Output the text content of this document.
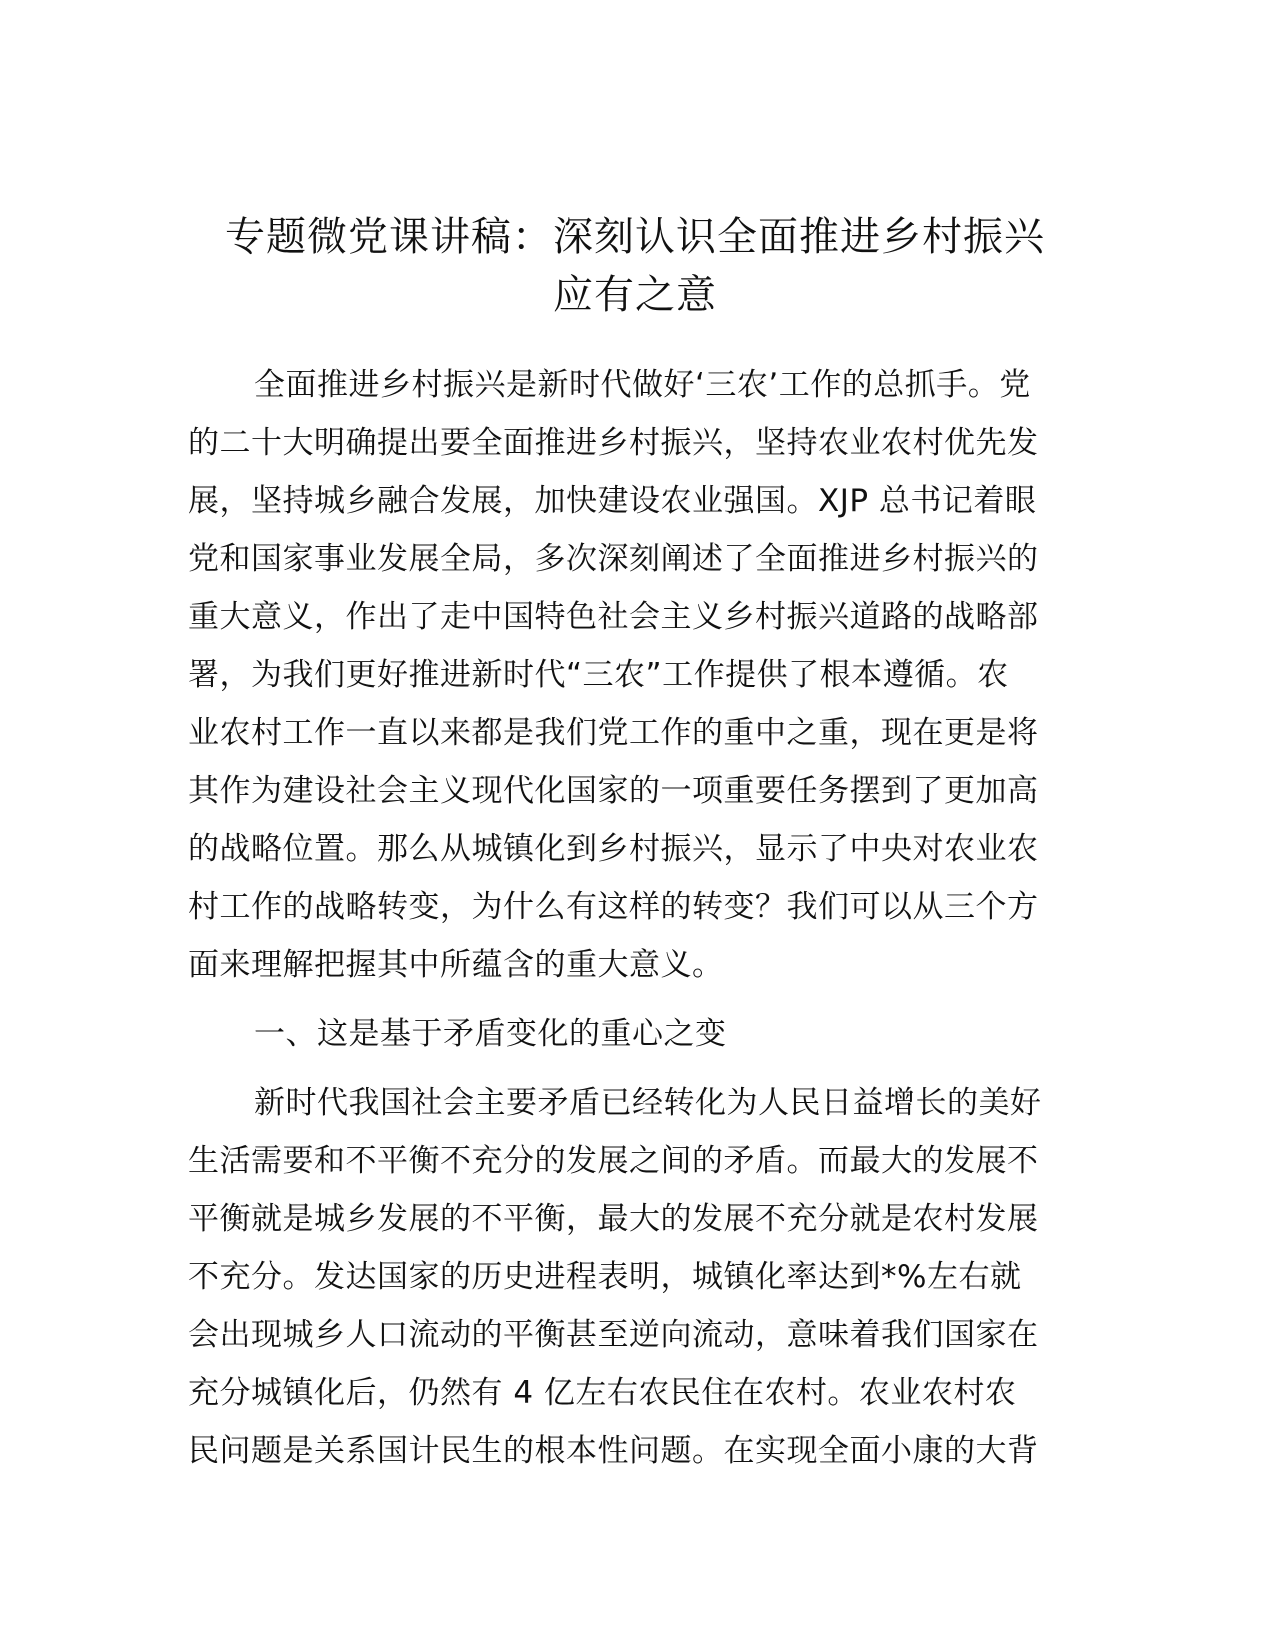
专题微党课讲稿：深刻认识全面推进乡村振兴
应有之意

全面推进乡村振兴是新时代做好‘三农’工作的总抓手。党
的二十大明确提出要全面推进乡村振兴，坚持农业农村优先发
展，坚持城乡融合发展，加快建设农业强国。XJP 总书记着眼
党和国家事业发展全局，多次深刻阐述了全面推进乡村振兴的
重大意义，作出了走中国特色社会主义乡村振兴道路的战略部
署，为我们更好推进新时代“三农”工作提供了根本遵循。农
业农村工作一直以来都是我们党工作的重中之重，现在更是将
其作为建设社会主义现代化国家的一项重要任务摆到了更加高
的战略位置。那么从城镇化到乡村振兴，显示了中央对农业农
村工作的战略转变，为什么有这样的转变？我们可以从三个方
面来理解把握其中所蕴含的重大意义。

一、这是基于矛盾变化的重心之变

新时代我国社会主要矛盾已经转化为人民日益增长的美好
生活需要和不平衡不充分的发展之间的矛盾。而最大的发展不
平衡就是城乡发展的不平衡，最大的发展不充分就是农村发展
不充分。发达国家的历史进程表明，城镇化率达到*%左右就
会出现城乡人口流动的平衡甚至逆向流动，意味着我们国家在
充分城镇化后，仍然有 4 亿左右农民住在农村。农业农村农
民问题是关系国计民生的根本性问题。在实现全面小康的大背
